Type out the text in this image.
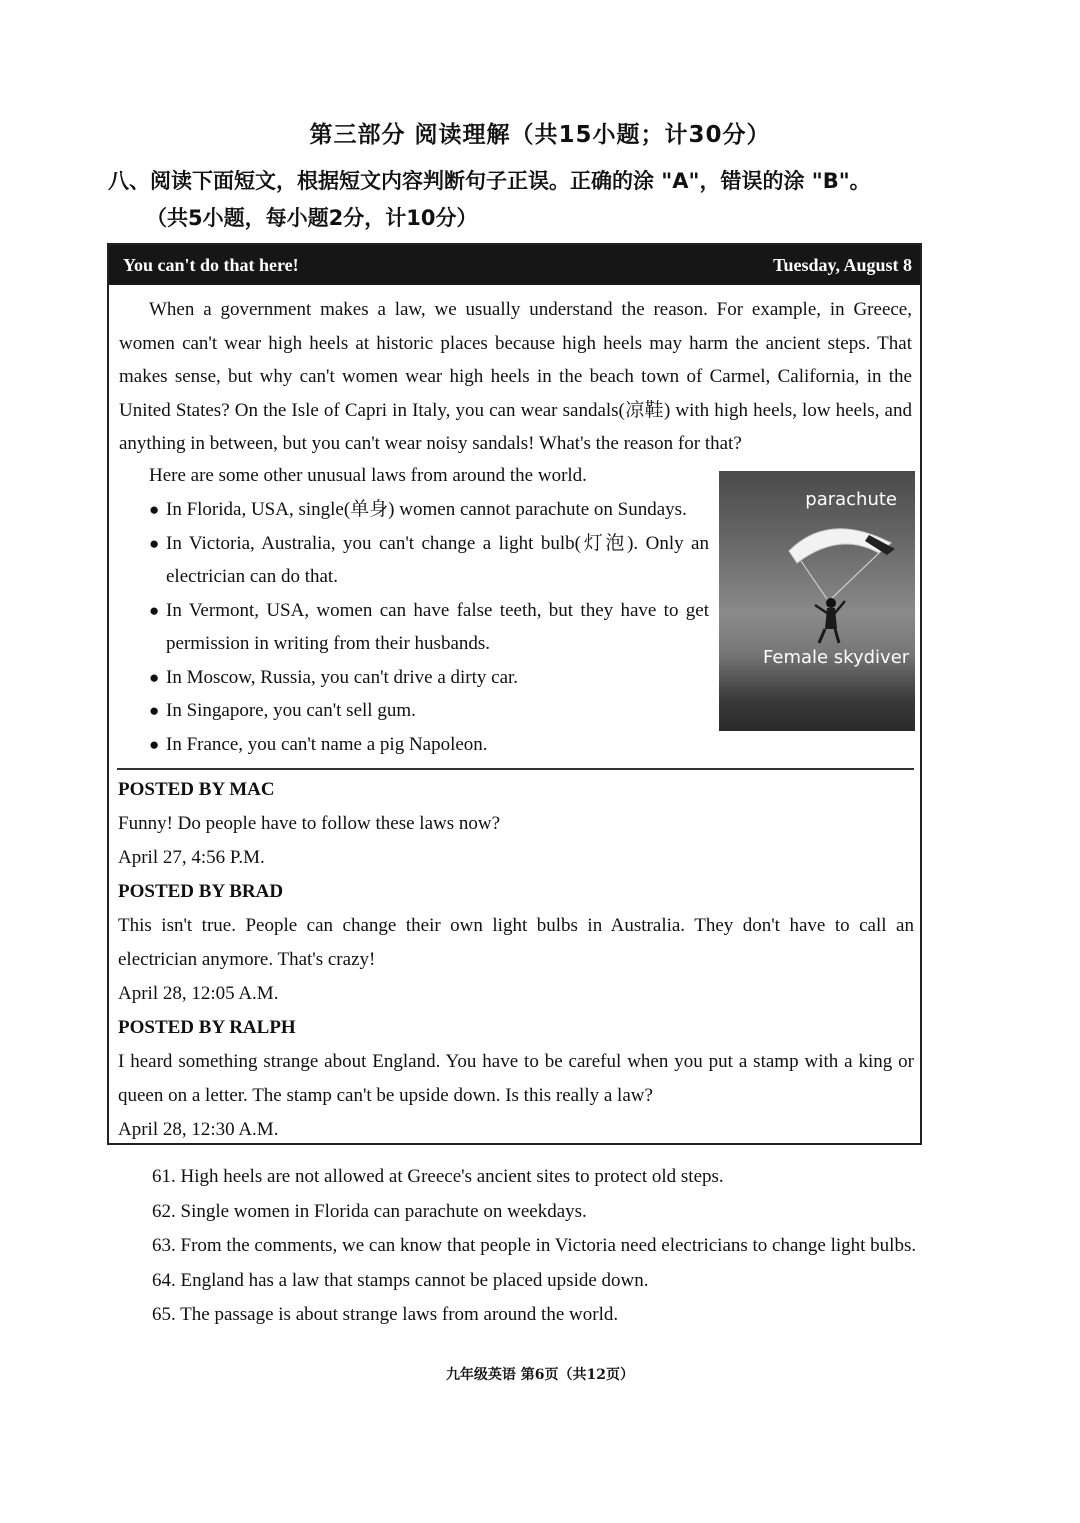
第三部分 阅读理解（共15小题；计30分）
八、阅读下面短文，根据短文内容判断句子正误。正确的涂 "A"，错误的涂 "B"。
（共5小题，每小题2分，计10分）
You can't do that here!	Tuesday, August 8
When a government makes a law, we usually understand the reason. For example, in Greece, women can't wear high heels at historic places because high heels may harm the ancient steps. That makes sense, but why can't women wear high heels in the beach town of Carmel, California, in the United States? On the Isle of Capri in Italy, you can wear sandals(凉鞋) with high heels, low heels, and anything in between, but you can't wear noisy sandals! What's the reason for that?
Here are some other unusual laws from around the world.
● In Florida, USA, single(单身) women cannot parachute on Sundays.
● In Victoria, Australia, you can't change a light bulb(灯泡). Only an electrician can do that.
● In Vermont, USA, women can have false teeth, but they have to get permission in writing from their husbands.
● In Moscow, Russia, you can't drive a dirty car.
● In Singapore, you can't sell gum.
● In France, you can't name a pig Napoleon.
parachute
Female skydiver
POSTED BY MAC
Funny! Do people have to follow these laws now?
April 27, 4:56 P.M.
POSTED BY BRAD
This isn't true. People can change their own light bulbs in Australia. They don't have to call an electrician anymore. That's crazy!
April 28, 12:05 A.M.
POSTED BY RALPH
I heard something strange about England. You have to be careful when you put a stamp with a king or queen on a letter. The stamp can't be upside down. Is this really a law?
April 28, 12:30 A.M.
61. High heels are not allowed at Greece's ancient sites to protect old steps.
62. Single women in Florida can parachute on weekdays.
63. From the comments, we can know that people in Victoria need electricians to change light bulbs.
64. England has a law that stamps cannot be placed upside down.
65. The passage is about strange laws from around the world.
九年级英语 第6页（共12页）
